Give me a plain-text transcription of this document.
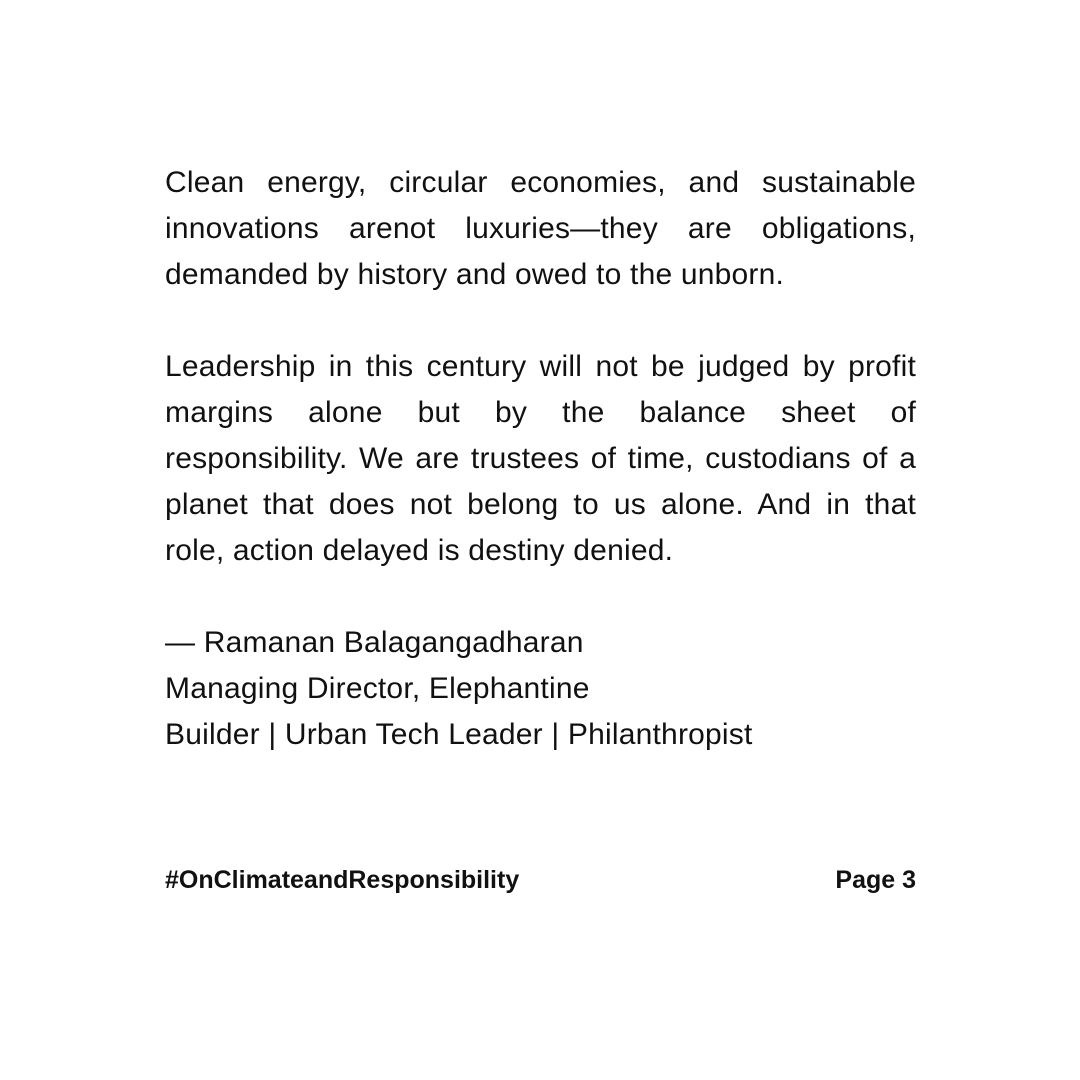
Clean energy, circular economies, and sustainable innovations arenot luxuries—they are obligations, demanded by history and owed to the unborn.

Leadership in this century will not be judged by profit margins alone but by the balance sheet of responsibility. We are trustees of time, custodians of a planet that does not belong to us alone. And in that role, action delayed is destiny denied.

— Ramanan Balagangadharan
Managing Director, Elephantine
Builder | Urban Tech Leader | Philanthropist
#OnClimateandResponsibility	Page 3
